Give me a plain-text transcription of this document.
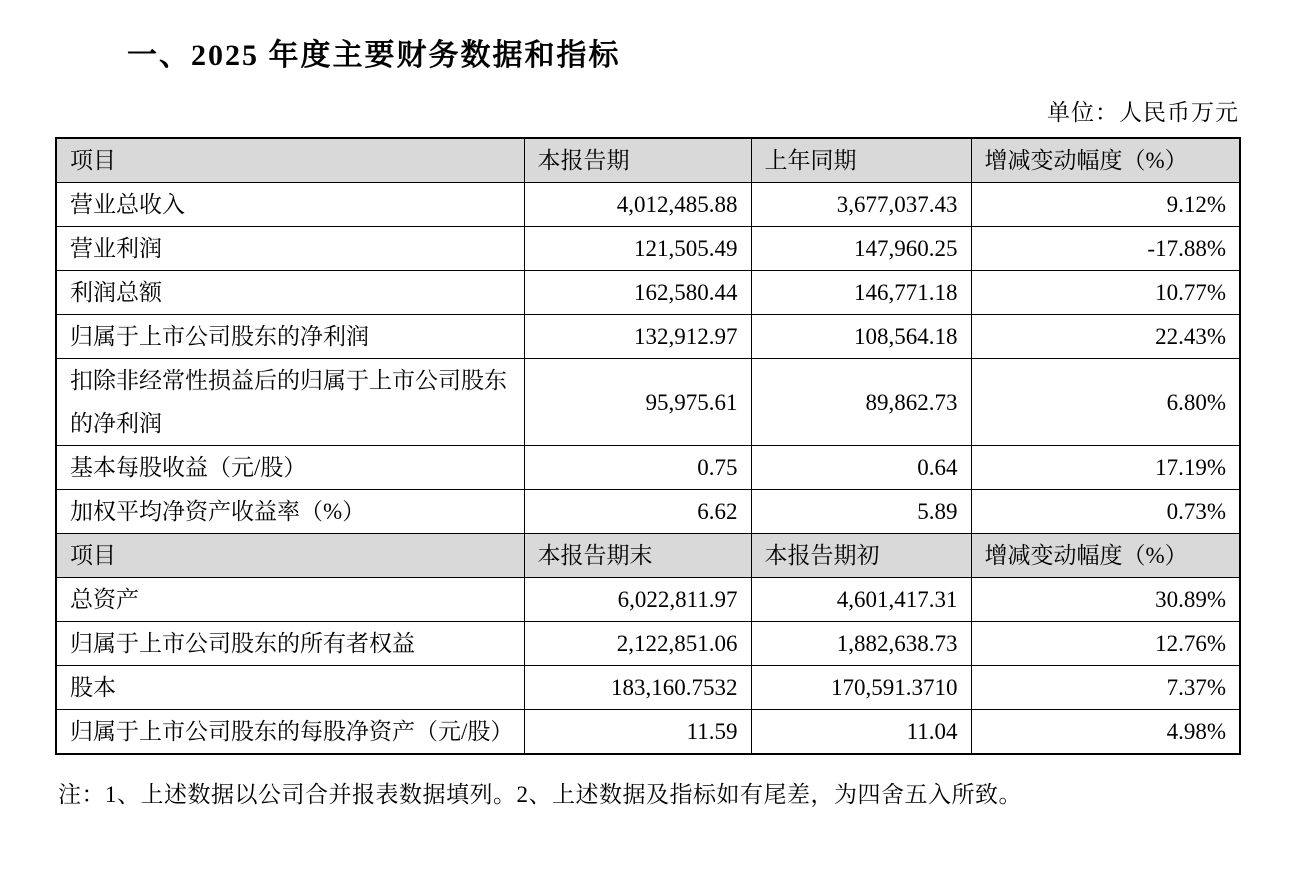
一、2025 年度主要财务数据和指标
单位：人民币万元
项目	本报告期	上年同期	增减变动幅度（%）
营业总收入	4,012,485.88	3,677,037.43	9.12%
营业利润	121,505.49	147,960.25	-17.88%
利润总额	162,580.44	146,771.18	10.77%
归属于上市公司股东的净利润	132,912.97	108,564.18	22.43%
扣除非经常性损益后的归属于上市公司股东的净利润	95,975.61	89,862.73	6.80%
基本每股收益（元/股）	0.75	0.64	17.19%
加权平均净资产收益率（%）	6.62	5.89	0.73%
项目	本报告期末	本报告期初	增减变动幅度（%）
总资产	6,022,811.97	4,601,417.31	30.89%
归属于上市公司股东的所有者权益	2,122,851.06	1,882,638.73	12.76%
股本	183,160.7532	170,591.3710	7.37%
归属于上市公司股东的每股净资产（元/股）	11.59	11.04	4.98%

注：1、上述数据以公司合并报表数据填列。2、上述数据及指标如有尾差，为四舍五入所致。
